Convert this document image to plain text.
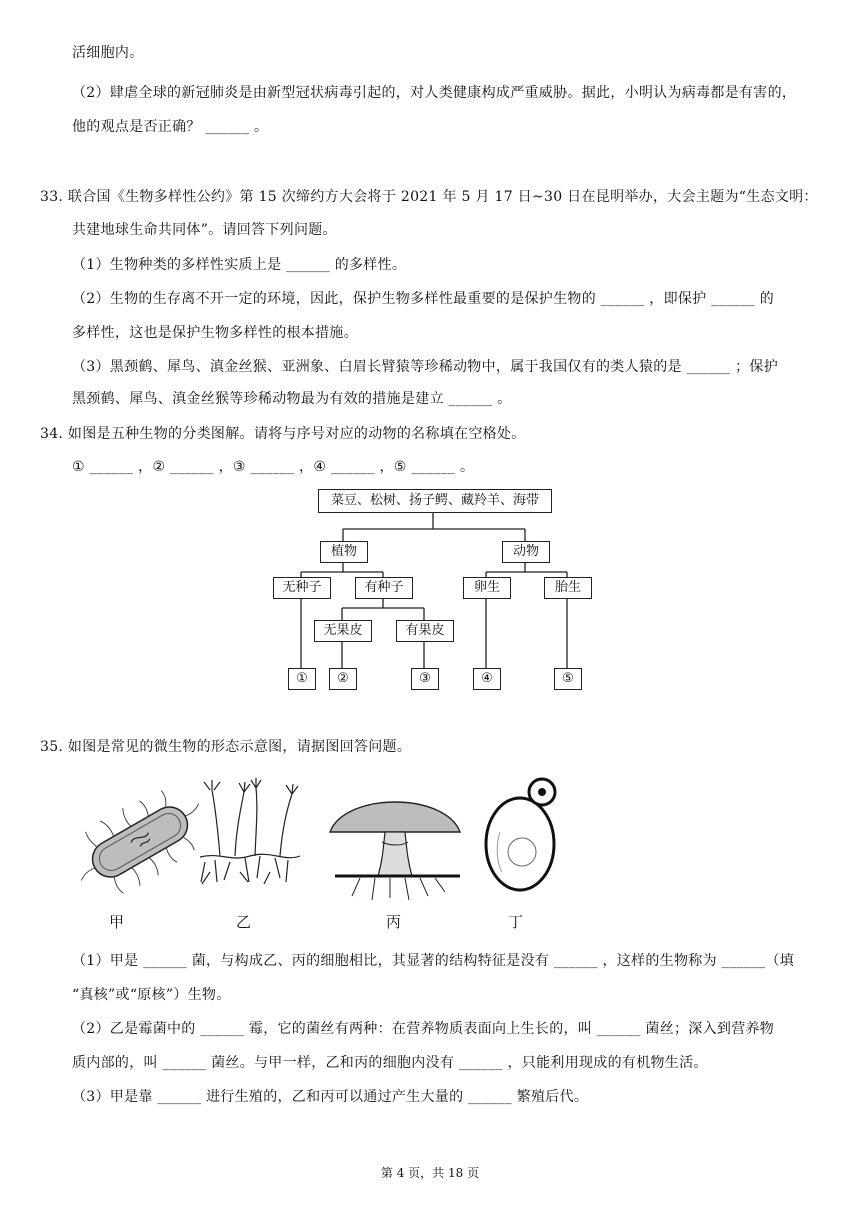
活细胞内。
（2）肆虐全球的新冠肺炎是由新型冠状病毒引起的，对人类健康构成严重威胁。据此，小明认为病毒都是有害的，
他的观点是否正确？ ______ 。
33. 联合国《生物多样性公约》第 15 次缔约方大会将于 2021 年 5 月 17 日~30 日在昆明举办，大会主题为“生态文明：
共建地球生命共同体”。请回答下列问题。
（1）生物种类的多样性实质上是 ______ 的多样性。
（2）生物的生存离不开一定的环境，因此，保护生物多样性最重要的是保护生物的 ______ ，即保护 ______ 的
多样性，这也是保护生物多样性的根本措施。
（3）黑颈鹤、犀鸟、滇金丝猴、亚洲象、白眉长臂猿等珍稀动物中，属于我国仅有的类人猿的是 ______ ；保护
黑颈鹤、犀鸟、滇金丝猴等珍稀动物最为有效的措施是建立 ______ 。
34. 如图是五种生物的分类图解。请将与序号对应的动物的名称填在空格处。
① ______ ，② ______ ，③ ______ ，④ ______ ，⑤ ______ 。
菜豆、松树、扬子鳄、藏羚羊、海带
植物	动物
无种子	有种子	卵生	胎生
无果皮	有果皮
①	②	③	④	⑤
35. 如图是常见的微生物的形态示意图，请据图回答问题。
甲	乙	丙	丁
（1）甲是 ______ 菌，与构成乙、丙的细胞相比，其显著的结构特征是没有 ______ ，这样的生物称为 ______（填
“真核”或“原核”）生物。
（2）乙是霉菌中的 ______ 霉，它的菌丝有两种：在营养物质表面向上生长的，叫 ______ 菌丝；深入到营养物
质内部的，叫 ______ 菌丝。与甲一样，乙和丙的细胞内没有 ______ ，只能利用现成的有机物生活。
（3）甲是靠 ______ 进行生殖的，乙和丙可以通过产生大量的 ______ 繁殖后代。
第 4 页，共 18 页
